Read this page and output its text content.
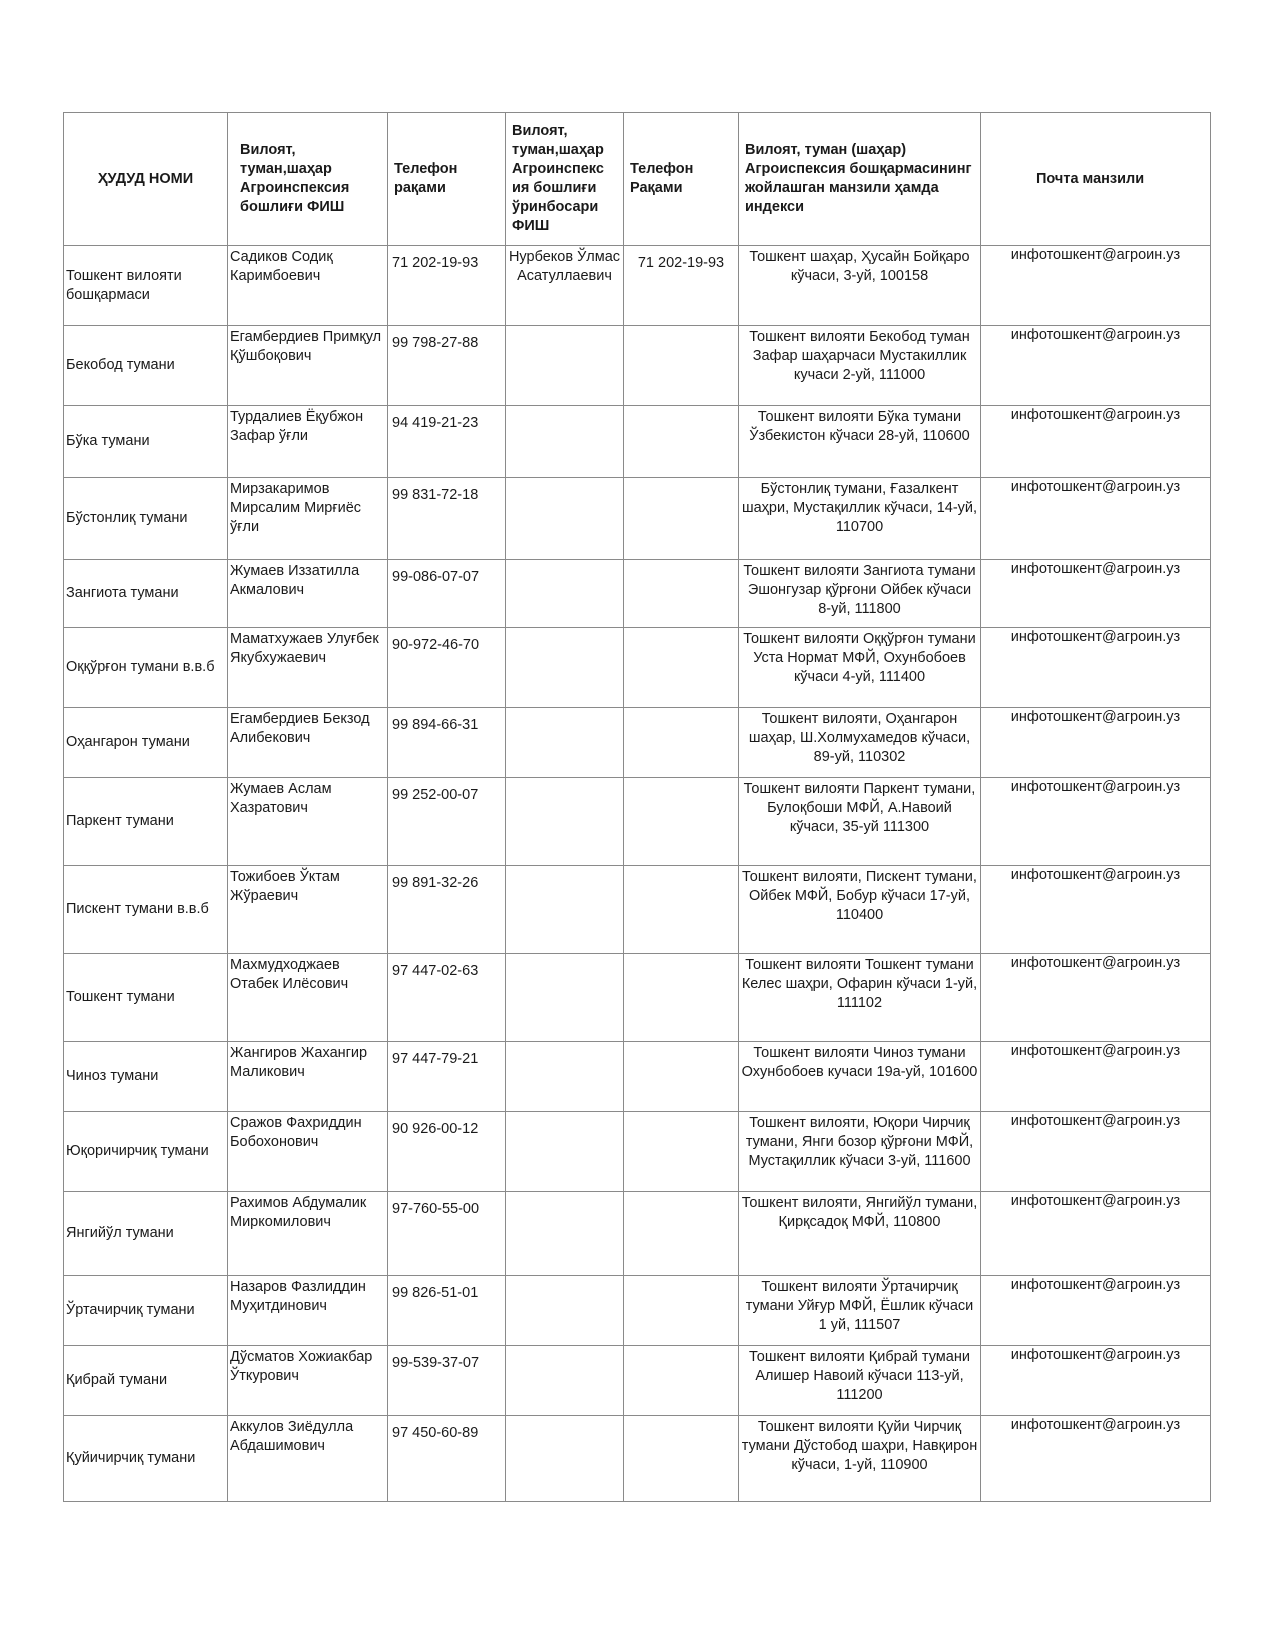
ҲУДУД НОМИ	Вилоят, туман,шаҳар Агроинспексия бошлиғи ФИШ	Телефон рақами	Вилоят, туман,шаҳар Агроинспекс ия бошлиғи ўринбосари ФИШ	Телефон Рақами	Вилоят, туман (шаҳар) Агроиспексия бошқармасининг жойлашган манзили ҳамда индекси	Почта манзили
Тошкент вилояти бошқармаси	Садиков Содиқ Каримбоевич	71 202-19-93	Нурбеков Ўлмас Асатуллаевич	71 202-19-93	Тошкент шаҳар, Ҳусайн Бойқаро кўчаси, 3-уй, 100158	инфотошкент@агроин.уз
Бекобод тумани	Егамбердиев Примқул Қўшбоқович	99 798-27-88			Тошкент вилояти Бекобод туман Зафар шаҳарчаси Мустакиллик кучаси 2-уй, 111000	инфотошкент@агроин.уз
Бўка тумани	Турдалиев Ёқубжон Зафар ўғли	94 419-21-23			Тошкент вилояти Бўка тумани Ўзбекистон кўчаси 28-уй, 110600	инфотошкент@агроин.уз
Бўстонлиқ тумани	Мирзакаримов Мирсалим Мирғиёс ўғли	99 831-72-18			Бўстонлиқ тумани, Ғазалкент шаҳри, Мустақиллик кўчаси, 14-уй, 110700	инфотошкент@агроин.уз
Зангиота тумани	Жумаев Иззатилла Акмалович	99-086-07-07			Тошкент вилояти Зангиота тумани Эшонгузар қўрғони Ойбек кўчаси 8-уй, 111800	инфотошкент@агроин.уз
Оққўрғон тумани в.в.б	Маматхужаев Улуғбек Якубхужаевич	90-972-46-70			Тошкент вилояти Оққўрғон тумани Уста Нормат МФЙ, Охунбобоев кўчаси 4-уй, 111400	инфотошкент@агроин.уз
Оҳангарон тумани	Егамбердиев Бекзод Алибекович	99 894-66-31			Тошкент вилояти, Оҳангарон шаҳар, Ш.Холмухамедов кўчаси, 89-уй, 110302	инфотошкент@агроин.уз
Паркент тумани	Жумаев Аслам Хазратович	99 252-00-07			Тошкент вилояти Паркент тумани, Булоқбоши МФЙ, А.Навоий кўчаси, 35-уй 111300	инфотошкент@агроин.уз
Пискент тумани в.в.б	Тожибоев Ўктам Жўраевич	99 891-32-26			Тошкент вилояти, Пискент тумани, Ойбек МФЙ, Бобур кўчаси 17-уй, 110400	инфотошкент@агроин.уз
Тошкент тумани	Махмудходжаев Отабек Илёсович	97 447-02-63			Тошкент вилояти Тошкент тумани Келес шаҳри, Офарин кўчаси 1-уй, 111102	инфотошкент@агроин.уз
Чиноз тумани	Жангиров Жахангир Маликович	97 447-79-21			Тошкент вилояти Чиноз тумани Охунбобоев кучаси 19а-уй, 101600	инфотошкент@агроин.уз
Юқоричирчиқ тумани	Сражов Фахриддин Бобохонович	90 926-00-12			Тошкент вилояти, Юқори Чирчиқ тумани, Янги бозор қўрғони МФЙ, Мустақиллик кўчаси 3-уй, 111600	инфотошкент@агроин.уз
Янгийўл тумани	Рахимов Абдумалик Миркомилович	97-760-55-00			Тошкент вилояти, Янгийўл тумани, Қирқсадоқ МФЙ, 110800	инфотошкент@агроин.уз
Ўртачирчиқ тумани	Назаров Фазлиддин Муҳитдинович	99 826-51-01			Тошкент вилояти Ўртачирчиқ тумани Уйғур МФЙ, Ёшлик кўчаси 1 уй, 111507	инфотошкент@агроин.уз
Қибрай тумани	Дўсматов Хожиакбар Ўткурович	99-539-37-07			Тошкент вилояти Қибрай тумани Алишер Навоий кўчаси 113-уй, 111200	инфотошкент@агроин.уз
Қуйичирчиқ тумани	Аккулов Зиёдулла Абдашимович	97 450-60-89			Тошкент вилояти Қуйи Чирчиқ тумани Дўстобод шаҳри, Навқирон кўчаси, 1-уй, 110900	инфотошкент@агроин.уз
